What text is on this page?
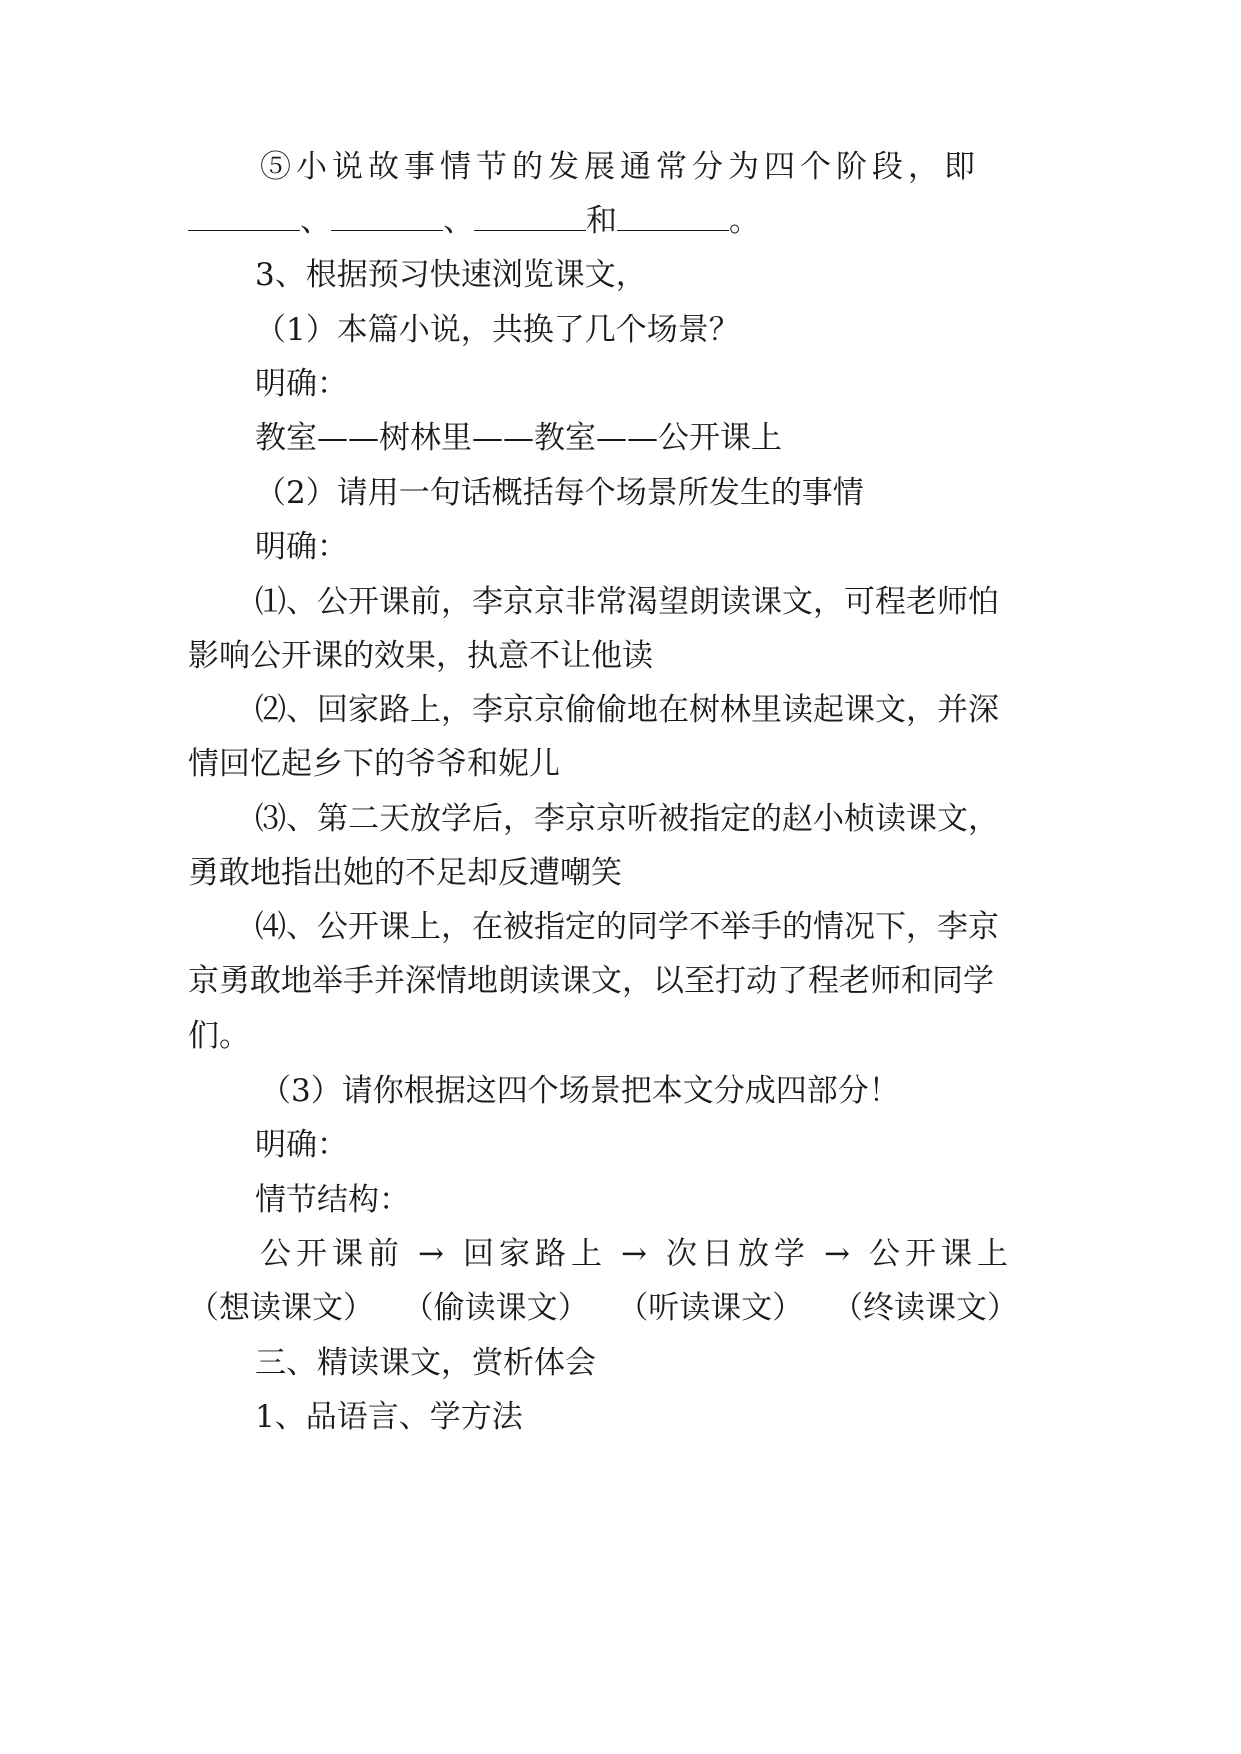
⑤小说故事情节的发展通常分为四个阶段，即
、	、	和	。
3、根据预习快速浏览课文，
（1）本篇小说，共换了几个场景？
明确：
教室——树林里——教室——公开课上
（2）请用一句话概括每个场景所发生的事情
明确：
⑴、公开课前，李京京非常渴望朗读课文，可程老师怕
影响公开课的效果，执意不让他读
⑵、回家路上，李京京偷偷地在树林里读起课文，并深
情回忆起乡下的爷爷和妮儿
⑶、第二天放学后，李京京听被指定的赵小桢读课文，
勇敢地指出她的不足却反遭嘲笑
⑷、公开课上，在被指定的同学不举手的情况下，李京
京勇敢地举手并深情地朗读课文，以至打动了程老师和同学
们。
（3）请你根据这四个场景把本文分成四部分！
明确：
情节结构：
公开课前 → 回家路上 → 次日放学 → 公开课上
（想读课文） （偷读课文） （听读课文） （终读课文）
三、精读课文，赏析体会
1、品语言、学方法
